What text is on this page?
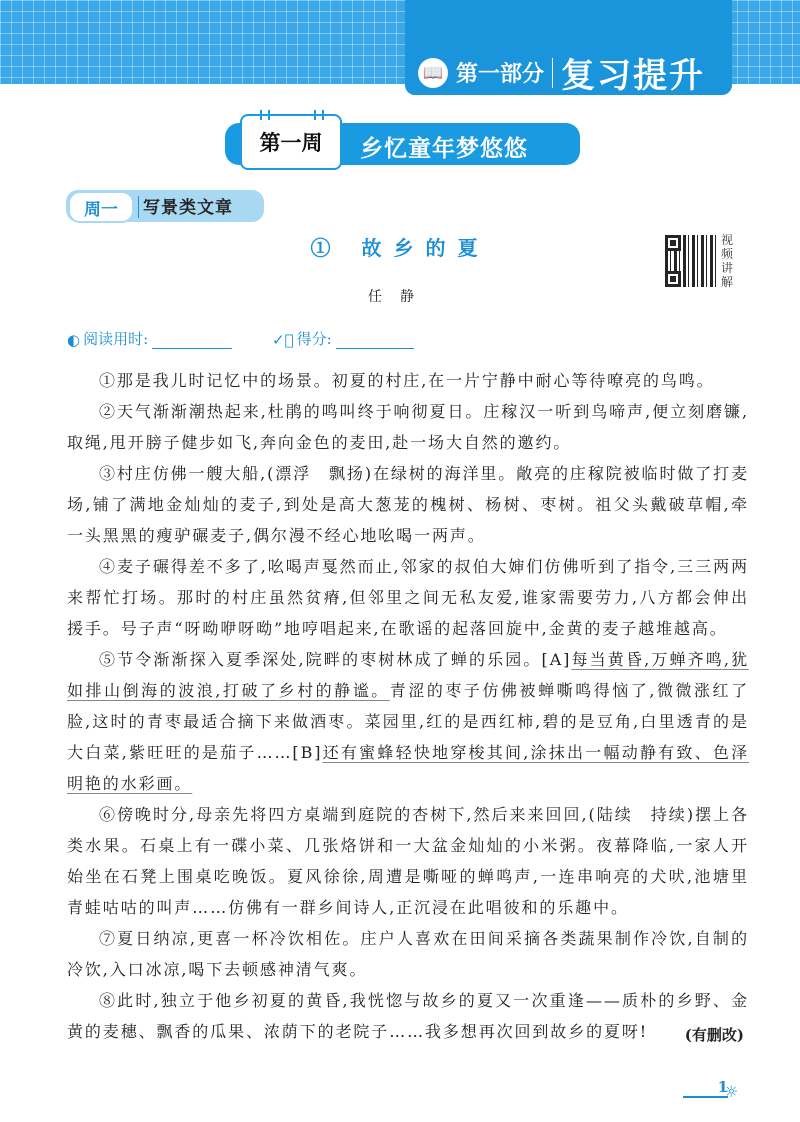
📖 第一部分 复习提升
第一周 乡忆童年梦悠悠
周一	写景类文章
① 故乡的夏
任静
视频讲解
◐ 阅读用时:	✓⃝ 得分:

①那是我儿时记忆中的场景。初夏的村庄,在一片宁静中耐心等待嘹亮的鸟鸣。

②天气渐渐潮热起来,杜鹃的鸣叫终于响彻夏日。庄稼汉一听到鸟啼声,便立刻磨镰,取绳,甩开膀子健步如飞,奔向金色的麦田,赴一场大自然的邀约。

③村庄仿佛一艘大船,(漂浮　飘扬)在绿树的海洋里。敞亮的庄稼院被临时做了打麦场,铺了满地金灿灿的麦子,到处是高大葱茏的槐树、杨树、枣树。祖父头戴破草帽,牵一头黑黑的瘦驴碾麦子,偶尔漫不经心地吆喝一两声。

④麦子碾得差不多了,吆喝声戛然而止,邻家的叔伯大婶们仿佛听到了指令,三三两两来帮忙打场。那时的村庄虽然贫瘠,但邻里之间无私友爱,谁家需要劳力,八方都会伸出援手。号子声“呀呦咿呀呦”地哼唱起来,在歌谣的起落回旋中,金黄的麦子越堆越高。

⑤节令渐渐探入夏季深处,院畔的枣树林成了蝉的乐园。[A]每当黄昏,万蝉齐鸣,犹如排山倒海的波浪,打破了乡村的静谧。青涩的枣子仿佛被蝉嘶鸣得恼了,微微涨红了脸,这时的青枣最适合摘下来做酒枣。菜园里,红的是西红柿,碧的是豆角,白里透青的是大白菜,紫旺旺的是茄子……[B]还有蜜蜂轻快地穿梭其间,涂抹出一幅动静有致、色泽明艳的水彩画。

⑥傍晚时分,母亲先将四方桌端到庭院的杏树下,然后来来回回,(陆续　持续)摆上各类水果。石桌上有一碟小菜、几张烙饼和一大盆金灿灿的小米粥。夜幕降临,一家人开始坐在石凳上围桌吃晚饭。夏风徐徐,周遭是嘶哑的蝉鸣声,一连串响亮的犬吠,池塘里青蛙咕咕的叫声……仿佛有一群乡间诗人,正沉浸在此唱彼和的乐趣中。

⑦夏日纳凉,更喜一杯冷饮相佐。庄户人喜欢在田间采摘各类蔬果制作冷饮,自制的冷饮,入口冰凉,喝下去顿感神清气爽。

⑧此时,独立于他乡初夏的黄昏,我恍惚与故乡的夏又一次重逢——质朴的乡野、金黄的麦穗、飘香的瓜果、浓荫下的老院子……我多想再次回到故乡的夏呀!	(有删改)
1
☼
